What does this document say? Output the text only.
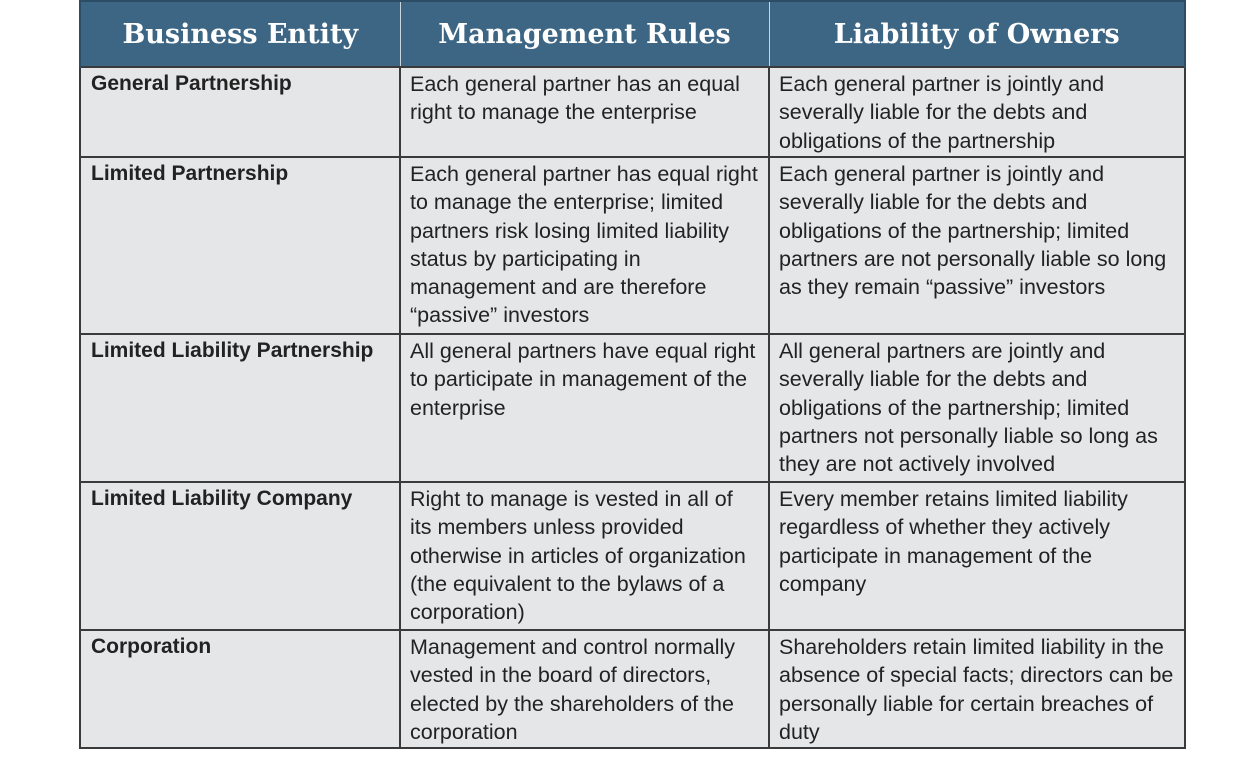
Business Entity	Management Rules	Liability of Owners
General Partnership	Each general partner has an equal right to manage the enterprise	Each general partner is jointly and severally liable for the debts and obligations of the partnership
Limited Partnership	Each general partner has equal right to manage the enterprise; limited partners risk losing limited liability status by participating in management and are therefore “passive” investors	Each general partner is jointly and severally liable for the debts and obligations of the partnership; limited partners are not personally liable so long as they remain “passive” investors
Limited Liability Partnership	All general partners have equal right to participate in management of the enterprise	All general partners are jointly and severally liable for the debts and obligations of the partnership; limited partners not personally liable so long as they are not actively involved
Limited Liability Company	Right to manage is vested in all of its members unless provided otherwise in articles of organization (the equivalent to the bylaws of a corporation)	Every member retains limited liability regardless of whether they actively participate in management of the company
Corporation	Management and control normally vested in the board of directors, elected by the shareholders of the corporation	Shareholders retain limited liability in the absence of special facts; directors can be personally liable for certain breaches of duty
